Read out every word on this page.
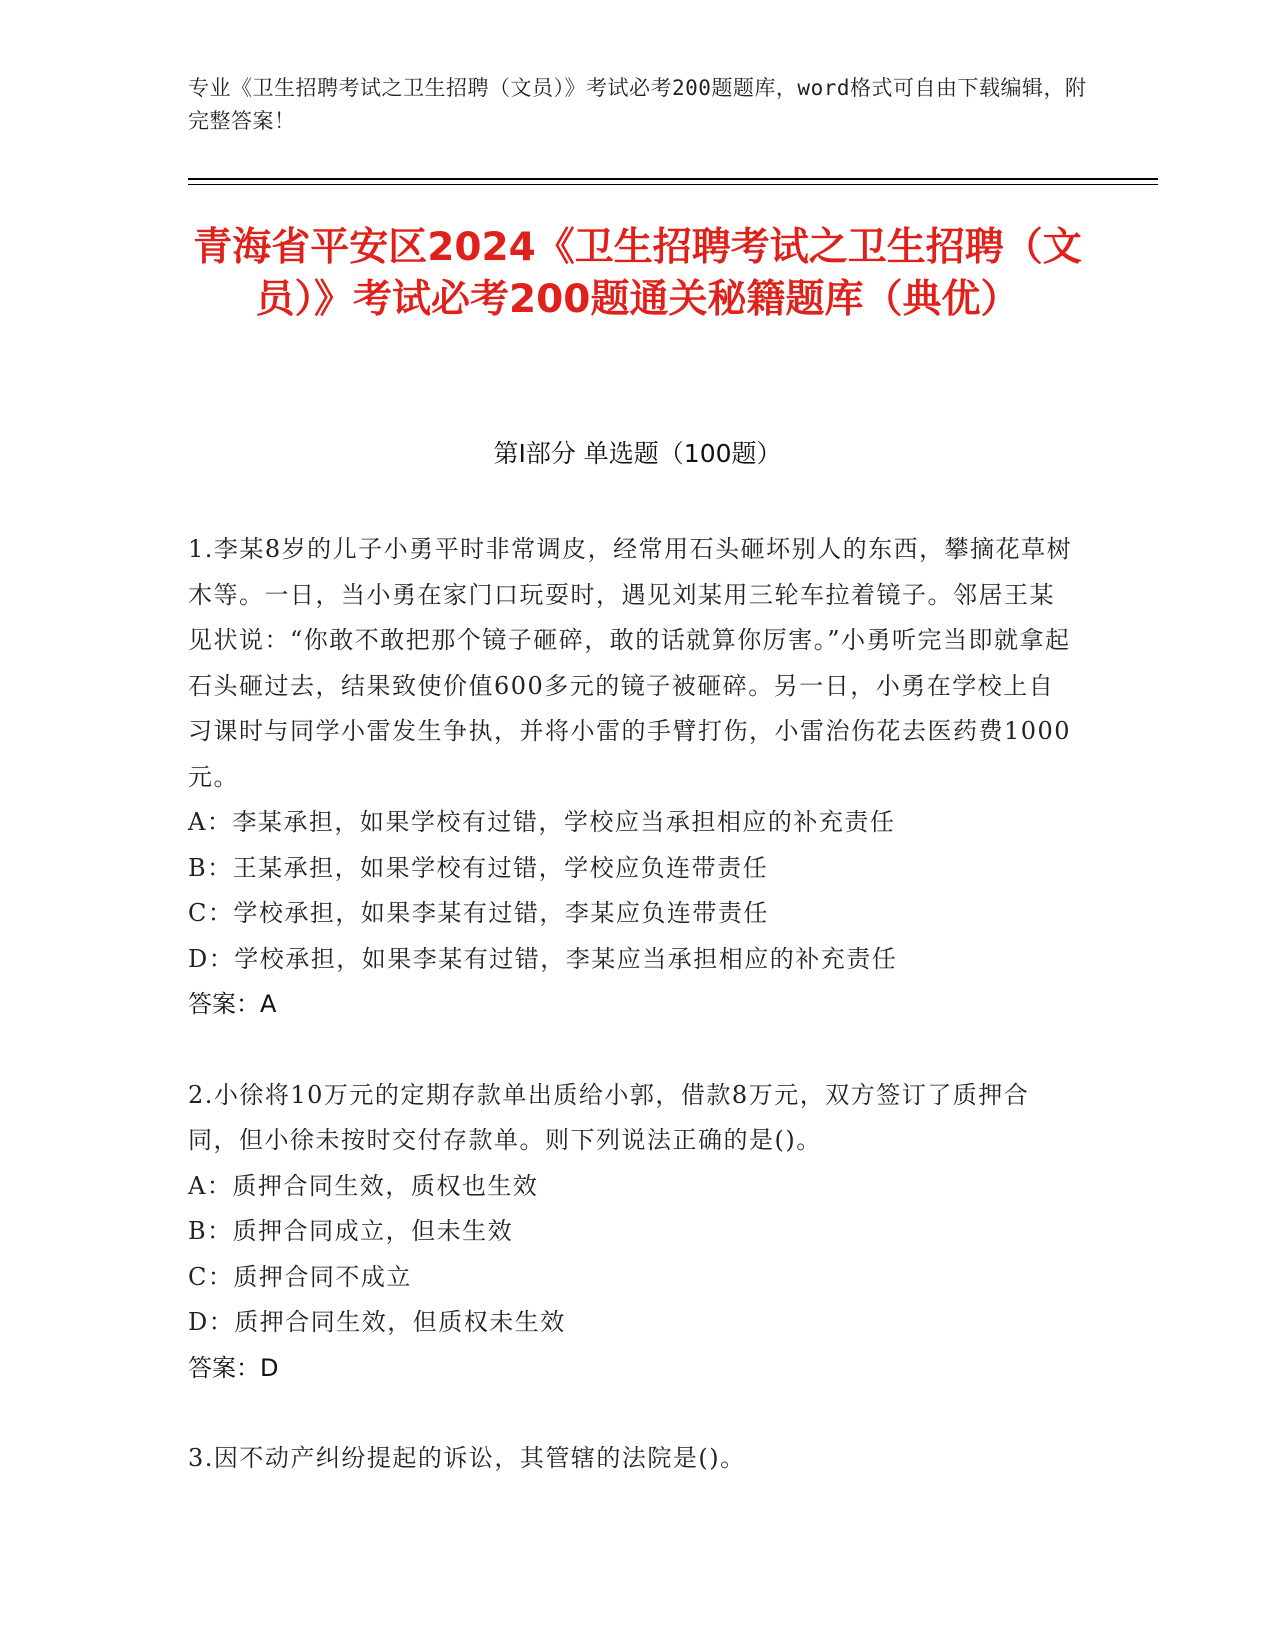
专业《卫生招聘考试之卫生招聘（文员）》考试必考200题题库，word格式可自由下载编辑，附完整答案！
青海省平安区2024《卫生招聘考试之卫生招聘（文员）》考试必考200题通关秘籍题库（典优）
第Ⅰ部分 单选题（100题）

1.李某8岁的儿子小勇平时非常调皮，经常用石头砸坏别人的东西，攀摘花草树木等。一日，当小勇在家门口玩耍时，遇见刘某用三轮车拉着镜子。邻居王某见状说：“你敢不敢把那个镜子砸碎，敢的话就算你厉害。”小勇听完当即就拿起石头砸过去，结果致使价值600多元的镜子被砸碎。另一日，小勇在学校上自习课时与同学小雷发生争执，并将小雷的手臂打伤，小雷治伤花去医药费1000元。

A：李某承担，如果学校有过错，学校应当承担相应的补充责任

B：王某承担，如果学校有过错，学校应负连带责任

C：学校承担，如果李某有过错，李某应负连带责任

D：学校承担，如果李某有过错，李某应当承担相应的补充责任

答案：A

2.小徐将10万元的定期存款单出质给小郭，借款8万元，双方签订了质押合同，但小徐未按时交付存款单。则下列说法正确的是()。

A：质押合同生效，质权也生效

B：质押合同成立，但未生效

C：质押合同不成立

D：质押合同生效，但质权未生效

答案：D

3.因不动产纠纷提起的诉讼，其管辖的法院是()。
